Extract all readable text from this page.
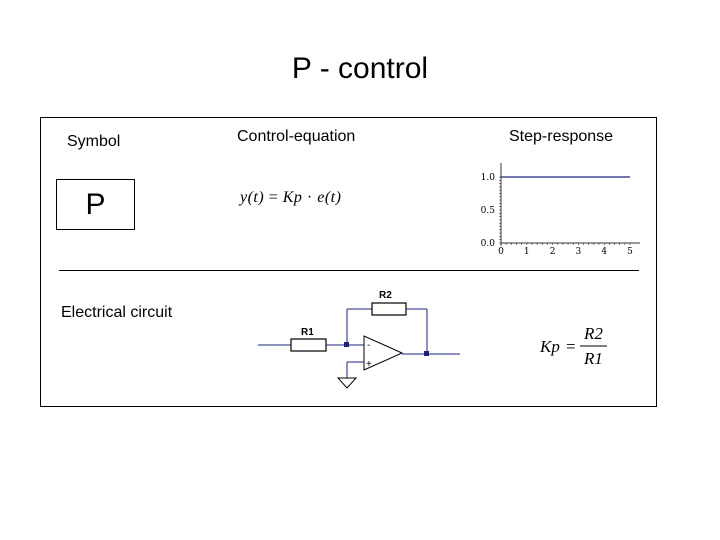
P - control
Symbol	Control-equation	Step-response
Electrical circuit
P	y(t) = Kp · e(t)
0 1 2 3 4 5
0.0
0.5
1.0
R1
R2
-
+
Kp =
R2
R1
